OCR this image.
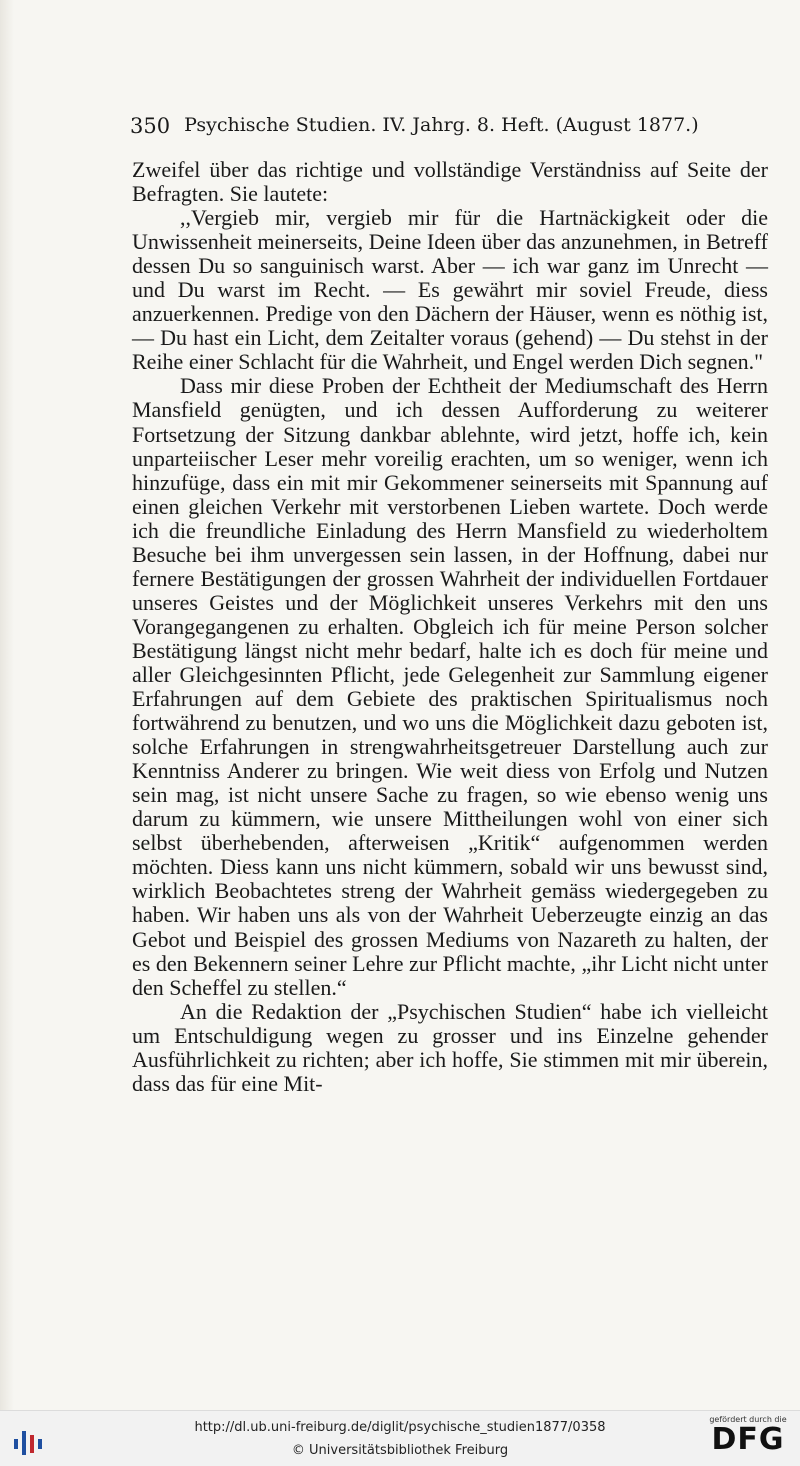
350 Psychische Studien. IV. Jahrg. 8. Heft. (August 1877.)

Zweifel über das richtige und vollständige Verständniss auf Seite der Befragten. Sie lautete:

,,Vergieb mir, vergieb mir für die Hartnäckigkeit oder die Unwissenheit meinerseits, Deine Ideen über das anzunehmen, in Betreff dessen Du so sanguinisch warst. Aber — ich war ganz im Unrecht — und Du warst im Recht. — Es gewährt mir soviel Freude, diess anzuerkennen. Predige von den Dächern der Häuser, wenn es nöthig ist, — Du hast ein Licht, dem Zeitalter voraus (gehend) — Du stehst in der Reihe einer Schlacht für die Wahrheit, und Engel werden Dich segnen."

Dass mir diese Proben der Echtheit der Mediumschaft des Herrn Mansfield genügten, und ich dessen Aufforderung zu weiterer Fortsetzung der Sitzung dankbar ablehnte, wird jetzt, hoffe ich, kein unparteiischer Leser mehr voreilig erachten, um so weniger, wenn ich hinzufüge, dass ein mit mir Gekommener seinerseits mit Spannung auf einen gleichen Verkehr mit verstorbenen Lieben wartete. Doch werde ich die freundliche Einladung des Herrn Mansfield zu wiederholtem Besuche bei ihm unvergessen sein lassen, in der Hoffnung, dabei nur fernere Bestätigungen der grossen Wahrheit der individuellen Fortdauer unseres Geistes und der Möglichkeit unseres Verkehrs mit den uns Vorangegangenen zu erhalten. Obgleich ich für meine Person solcher Bestätigung längst nicht mehr bedarf, halte ich es doch für meine und aller Gleichgesinnten Pflicht, jede Gelegenheit zur Sammlung eigener Erfahrungen auf dem Gebiete des praktischen Spiritualismus noch fortwährend zu benutzen, und wo uns die Möglichkeit dazu geboten ist, solche Erfahrungen in strengwahrheitsgetreuer Darstellung auch zur Kenntniss Anderer zu bringen. Wie weit diess von Erfolg und Nutzen sein mag, ist nicht unsere Sache zu fragen, so wie ebenso wenig uns darum zu kümmern, wie unsere Mittheilungen wohl von einer sich selbst überhebenden, afterweisen „Kritik“ aufgenommen werden möchten. Diess kann uns nicht kümmern, sobald wir uns bewusst sind, wirklich Beobachtetes streng der Wahrheit gemäss wiedergegeben zu haben. Wir haben uns als von der Wahrheit Ueberzeugte einzig an das Gebot und Beispiel des grossen Mediums von Nazareth zu halten, der es den Bekennern seiner Lehre zur Pflicht machte, „ihr Licht nicht unter den Scheffel zu stellen.“

An die Redaktion der „Psychischen Studien“ habe ich vielleicht um Entschuldigung wegen zu grosser und ins Einzelne gehender Ausführlichkeit zu richten; aber ich hoffe, Sie stimmen mit mir überein, dass das für eine Mit-

http://dl.ub.uni-freiburg.de/diglit/psychische_studien1877/0358
© Universitätsbibliothek Freiburg
gefördert durch die
DFG
